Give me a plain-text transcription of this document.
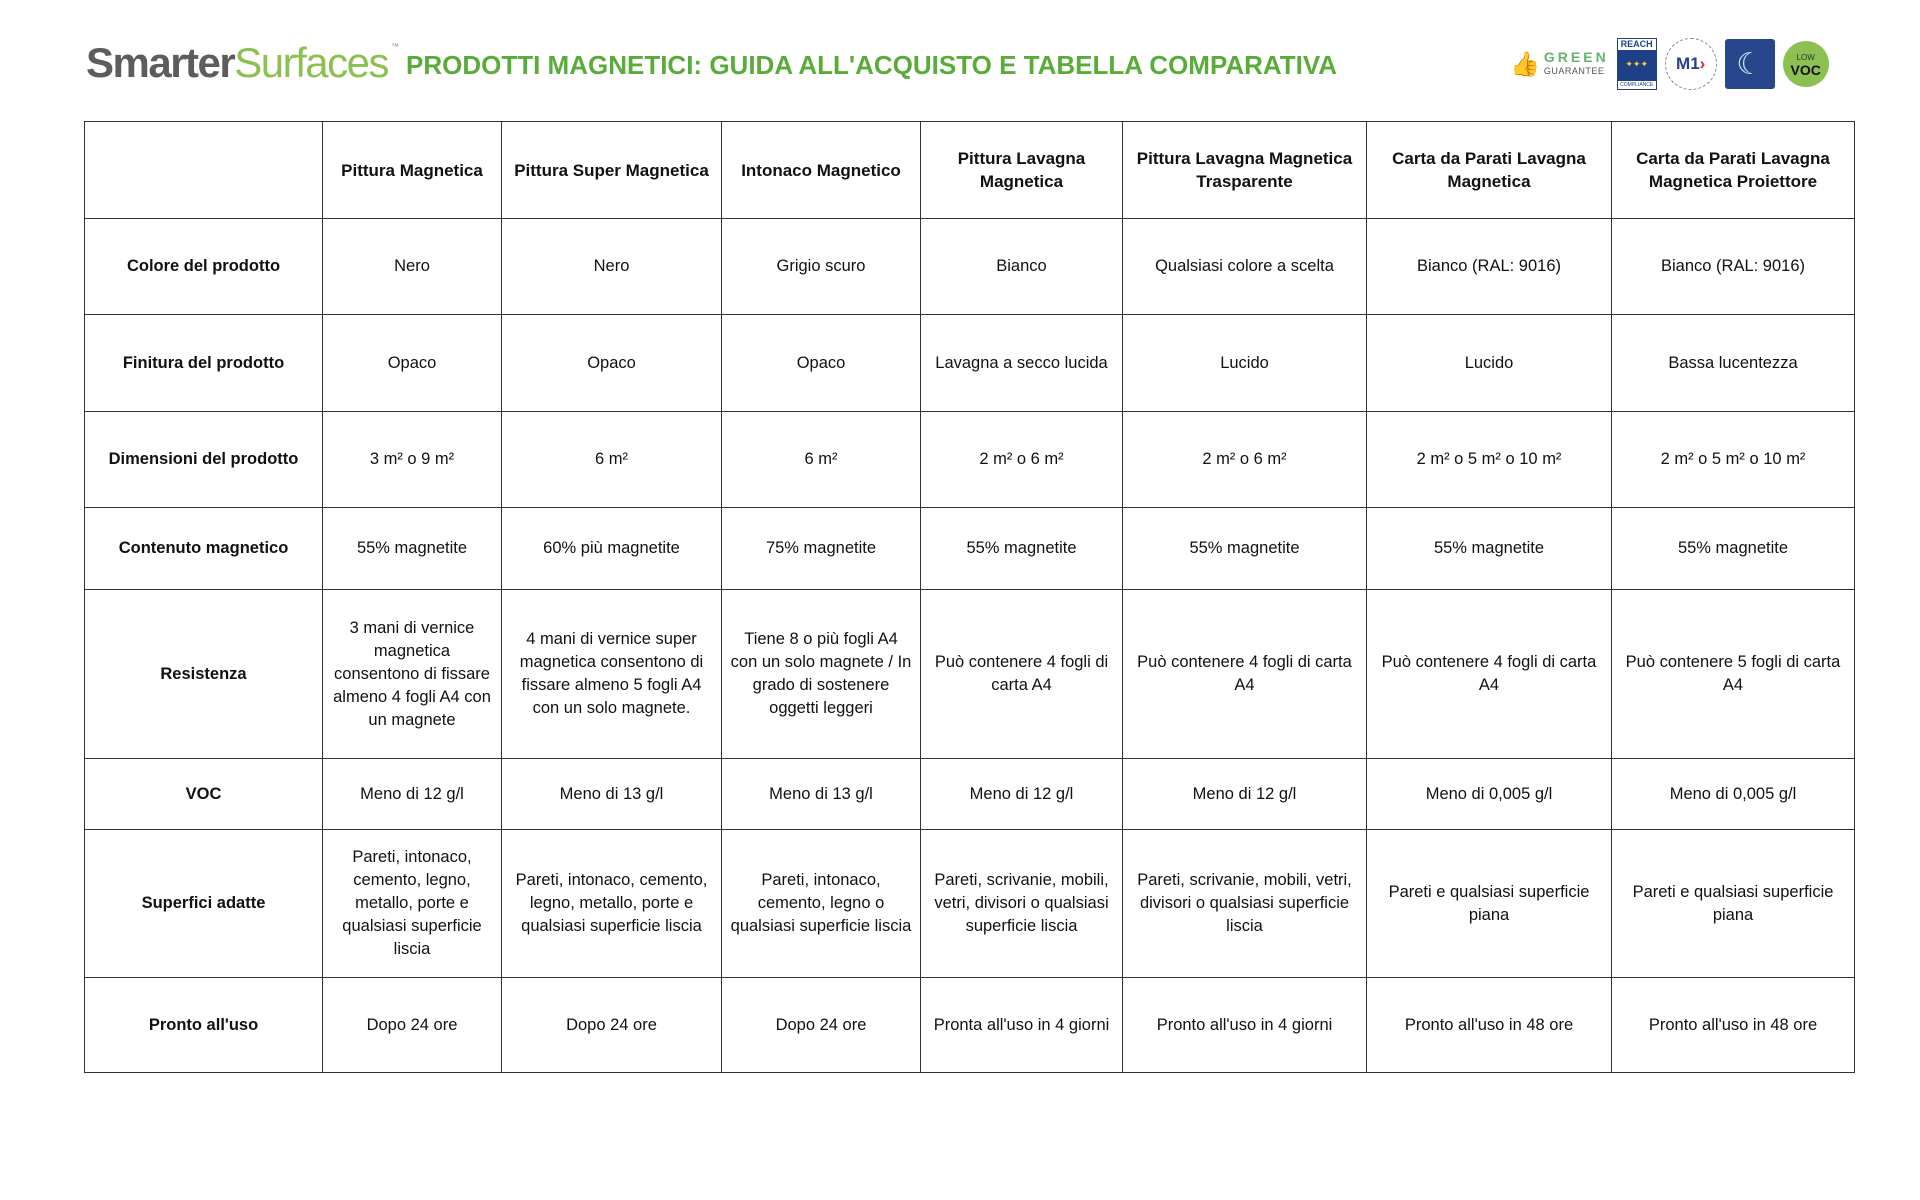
Smarter Surfaces ™
PRODOTTI MAGNETICI: GUIDA ALL'ACQUISTO E TABELLA COMPARATIVA	👍 GREEN
GUARANTEE
REACH
✦✦✦
COMPLIANCE
M1 › ☾	LOW
VOC
	Pittura Magnetica	Pittura Super Magnetica	Intonaco Magnetico	Pittura Lavagna Magnetica	Pittura Lavagna Magnetica Trasparente	Carta da Parati Lavagna Magnetica	Carta da Parati Lavagna Magnetica Proiettore
Colore del prodotto	Nero	Nero	Grigio scuro	Bianco	Qualsiasi colore a scelta	Bianco (RAL: 9016)	Bianco (RAL: 9016)
Finitura del prodotto	Opaco	Opaco	Opaco	Lavagna a secco lucida	Lucido	Lucido	Bassa lucentezza
Dimensioni del prodotto	3 m² o 9 m²	6 m²	6 m²	2 m² o 6 m²	2 m² o 6 m²	2 m² o 5 m² o 10 m²	2 m² o 5 m² o 10 m²
Contenuto magnetico	55% magnetite	60% più magnetite	75% magnetite	55% magnetite	55% magnetite	55% magnetite	55% magnetite
Resistenza	3 mani di vernice magnetica consentono di fissare almeno 4 fogli A4 con un magnete	4 mani di vernice super magnetica consentono di fissare almeno 5 fogli A4 con un solo magnete.	Tiene 8 o più fogli A4 con un solo magnete / In grado di sostenere oggetti leggeri	Può contenere 4 fogli di carta A4	Può contenere 4 fogli di carta A4	Può contenere 4 fogli di carta A4	Può contenere 5 fogli di carta A4
VOC	Meno di 12 g/l	Meno di 13 g/l	Meno di 13 g/l	Meno di 12 g/l	Meno di 12 g/l	Meno di 0,005 g/l	Meno di 0,005 g/l
Superfici adatte	Pareti, intonaco, cemento, legno, metallo, porte e qualsiasi superficie liscia	Pareti, intonaco, cemento, legno, metallo, porte e qualsiasi superficie liscia	Pareti, intonaco, cemento, legno o qualsiasi superficie liscia	Pareti, scrivanie, mobili, vetri, divisori o qualsiasi superficie liscia	Pareti, scrivanie, mobili, vetri, divisori o qualsiasi superficie liscia	Pareti e qualsiasi superficie piana	Pareti e qualsiasi superficie piana
Pronto all'uso	Dopo 24 ore	Dopo 24 ore	Dopo 24 ore	Pronta all'uso in 4 giorni	Pronto all'uso in 4 giorni	Pronto all'uso in 48 ore	Pronto all'uso in 48 ore
